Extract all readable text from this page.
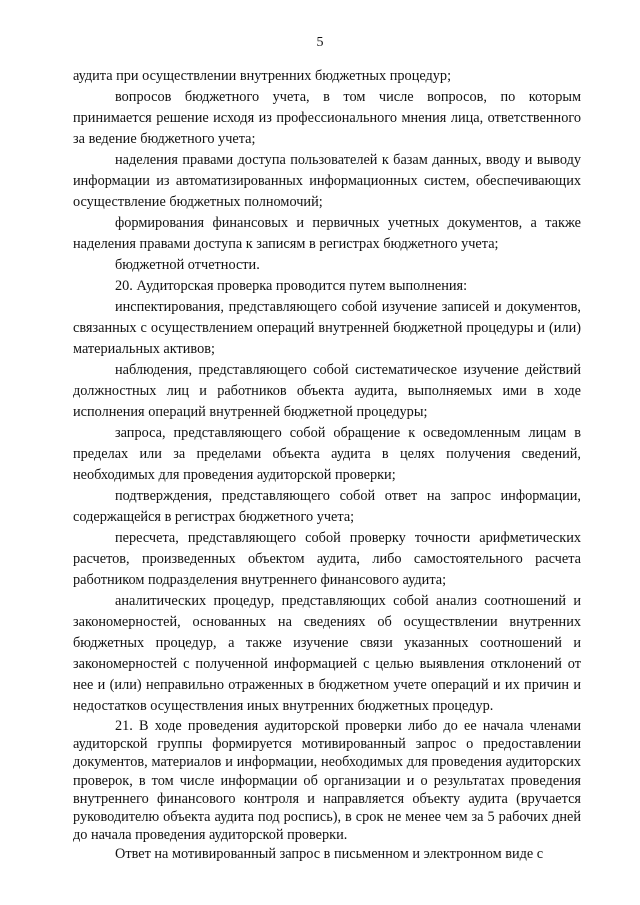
5

аудита при осуществлении внутренних бюджетных процедур;

вопросов бюджетного учета, в том числе вопросов, по которым принимается решение исходя из профессионального мнения лица, ответственного за ведение бюджетного учета;

наделения правами доступа пользователей к базам данных, вводу и выводу информации из автоматизированных информационных систем, обеспечивающих осуществление бюджетных полномочий;

формирования финансовых и первичных учетных документов, а также наделения правами доступа к записям в регистрах бюджетного учета;

бюджетной отчетности.

20. Аудиторская проверка проводится путем выполнения:

инспектирования, представляющего собой изучение записей и документов, связанных с осуществлением операций внутренней бюджетной процедуры и (или) материальных активов;

наблюдения, представляющего собой систематическое изучение действий должностных лиц и работников объекта аудита, выполняемых ими в ходе исполнения операций внутренней бюджетной процедуры;

запроса, представляющего собой обращение к осведомленным лицам в пределах или за пределами объекта аудита в целях получения сведений, необходимых для проведения аудиторской проверки;

подтверждения, представляющего собой ответ на запрос информации, содержащейся в регистрах бюджетного учета;

пересчета, представляющего собой проверку точности арифметических расчетов, произведенных объектом аудита, либо самостоятельного расчета работником подразделения внутреннего финансового аудита;

аналитических процедур, представляющих собой анализ соотношений и закономерностей, основанных на сведениях об осуществлении внутренних бюджетных процедур, а также изучение связи указанных соотношений и закономерностей с полученной информацией с целью выявления отклонений от нее и (или) неправильно отраженных в бюджетном учете операций и их причин и недостатков осуществления иных внутренних бюджетных процедур.

21. В ходе проведения аудиторской проверки либо до ее начала членами аудиторской группы формируется мотивированный запрос о предоставлении документов, материалов и информации, необходимых для проведения аудиторских проверок, в том числе информации об организации и о результатах проведения внутреннего финансового контроля и направляется объекту аудита (вручается руководителю объекта аудита под роспись), в срок не менее чем за 5 рабочих дней до начала проведения аудиторской проверки.

Ответ на мотивированный запрос в письменном и электронном виде с
